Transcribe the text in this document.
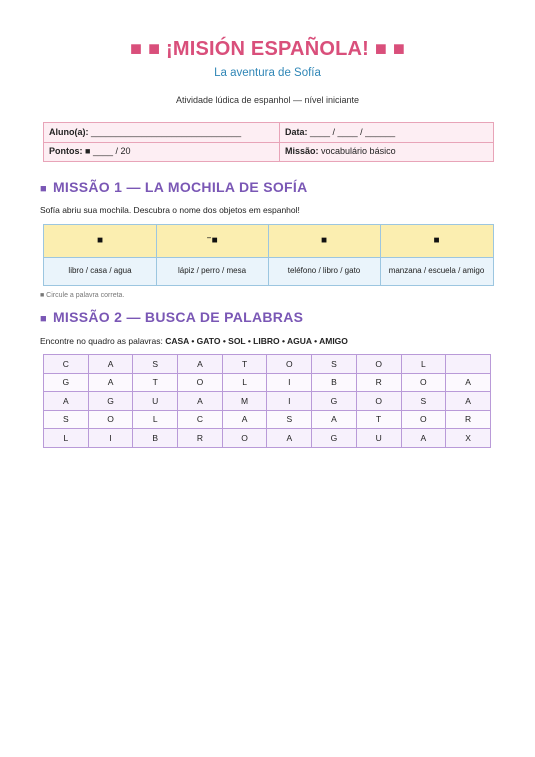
■ ■ ¡MISIÓN ESPAÑOLA! ■ ■
La aventura de Sofía
Atividade lúdica de espanhol — nível iniciante
Aluno(a): ______________________________	Data: ____ / ____ / ______
Pontos: ■ ____ / 20	Missão: vocabulário básico
■ MISSÃO 1 — LA MOCHILA DE SOFÍA
Sofía abriu sua mochila. Descubra o nome dos objetos em espanhol!
■	⁻■	■	■
libro / casa / agua	lápiz / perro / mesa	teléfono / libro / gato	manzana / escuela / amigo
■ Circule a palavra correta.
■ MISSÃO 2 — BUSCA DE PALABRAS
Encontre no quadro as palavras: CASA • GATO • SOL • LIBRO • AGUA • AMIGO
C	A	S	A	T	O	S	O	L	
G	A	T	O	L	I	B	R	O	A
A	G	U	A	M	I	G	O	S	A
S	O	L	C	A	S	A	T	O	R
L	I	B	R	O	A	G	U	A	X
